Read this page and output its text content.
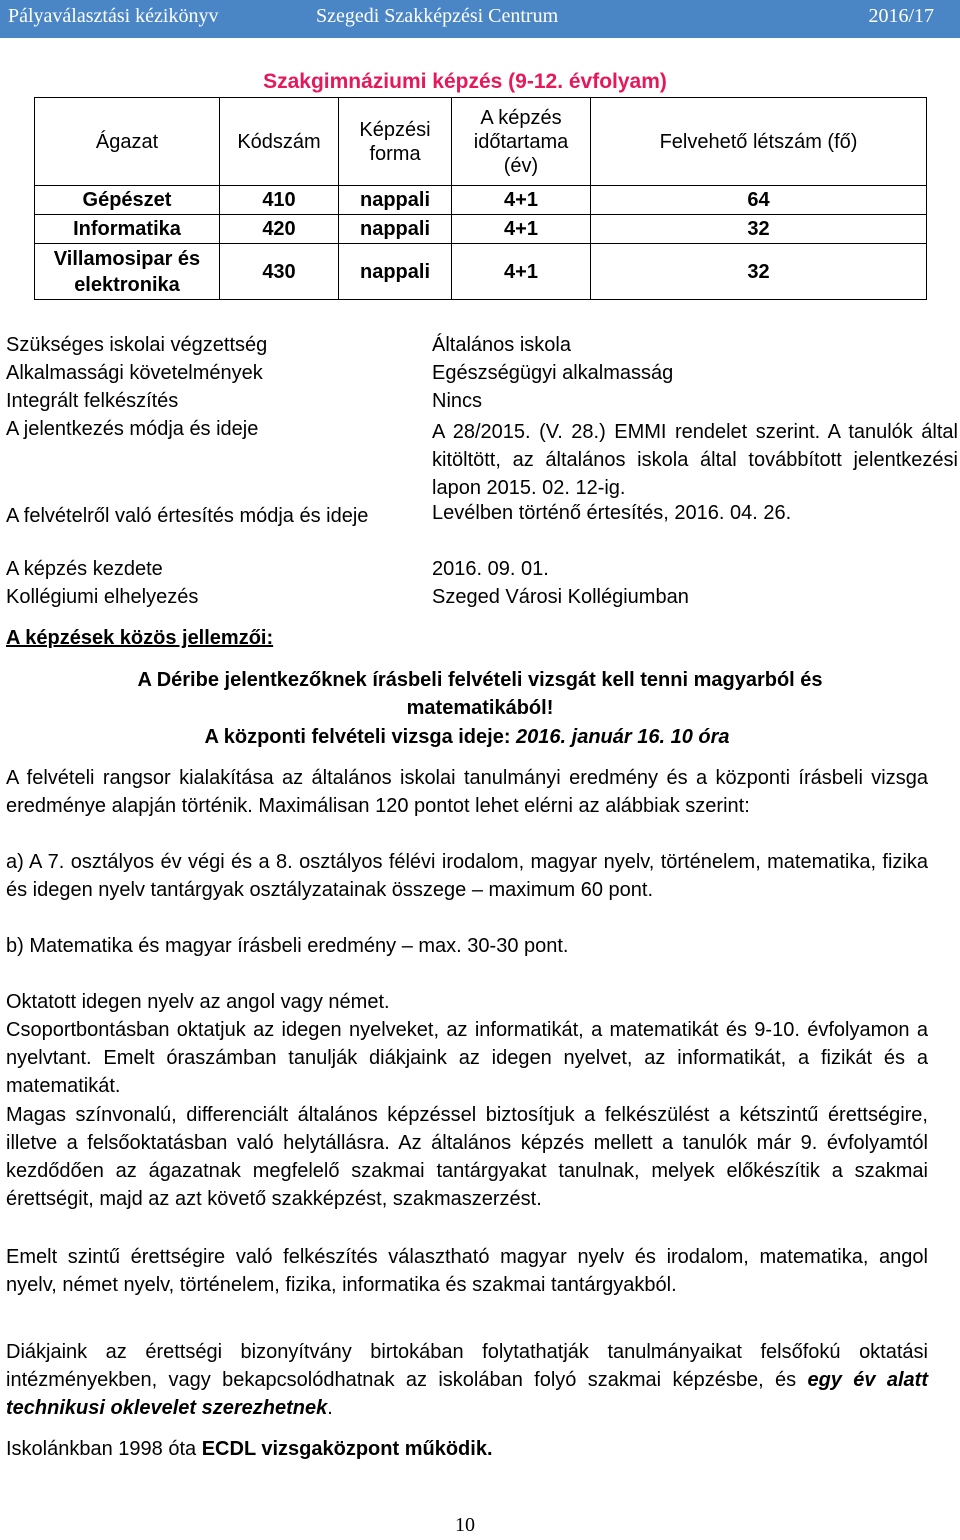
Pályaválasztási kézikönyv	Szegedi Szakképzési Centrum	2016/17
Szakgimnáziumi képzés (9-12. évfolyam)
Ágazat	Kódszám	Képzési forma	A képzés időtartama (év)	Felvehető létszám (fő)
Gépészet	410	nappali	4+1	64
Informatika	420	nappali	4+1	32
Villamosipar és elektronika	430	nappali	4+1	32
Szükséges iskolai végzettség	Általános iskola
Alkalmassági követelmények	Egészségügyi alkalmasság
Integrált felkészítés	Nincs
A jelentkezés módja és ideje	A 28/2015. (V. 28.) EMMI rendelet szerint. A tanulók által kitöltött, az általános iskola által továbbított jelentkezési lapon 2015. 02. 12-ig.
A felvételről való értesítés módja és ideje	Levélben történő értesítés, 2016. 04. 26.
A képzés kezdete	2016. 09. 01.
Kollégiumi elhelyezés	Szeged Városi Kollégiumban
A képzések közös jellemzői:
A Déribe jelentkezőknek írásbeli felvételi vizsgát kell tenni magyarból és matematikából!
A központi felvételi vizsga ideje: 2016. január 16. 10 óra
A felvételi rangsor kialakítása az általános iskolai tanulmányi eredmény és a központi írásbeli vizsga eredménye alapján történik. Maximálisan 120 pontot lehet elérni az alábbiak szerint:
a) A 7. osztályos év végi és a 8. osztályos félévi irodalom, magyar nyelv, történelem, matematika, fizika és idegen nyelv tantárgyak osztályzatainak összege – maximum 60 pont.
b) Matematika és magyar írásbeli eredmény – max. 30-30 pont.
Oktatott idegen nyelv az angol vagy német.
Csoportbontásban oktatjuk az idegen nyelveket, az informatikát, a matematikát és 9-10. évfolyamon a nyelvtant. Emelt óraszámban tanulják diákjaink az idegen nyelvet, az informatikát, a fizikát és a matematikát.
Magas színvonalú, differenciált általános képzéssel biztosítjuk a felkészülést a kétszintű érettségire, illetve a felsőoktatásban való helytállásra. Az általános képzés mellett a tanulók már 9. évfolyamtól kezdődően az ágazatnak megfelelő szakmai tantárgyakat tanulnak, melyek előkészítik a szakmai érettségit, majd az azt követő szakképzést, szakmaszerzést.
Emelt szintű érettségire való felkészítés választható magyar nyelv és irodalom, matematika, angol nyelv, német nyelv, történelem, fizika, informatika és szakmai tantárgyakból.
Diákjaink az érettségi bizonyítvány birtokában folytathatják tanulmányaikat felsőfokú oktatási intézményekben, vagy bekapcsolódhatnak az iskolában folyó szakmai képzésbe, és egy év alatt technikusi oklevelet szerezhetnek.
Iskolánkban 1998 óta ECDL vizsgaközpont működik.
10
